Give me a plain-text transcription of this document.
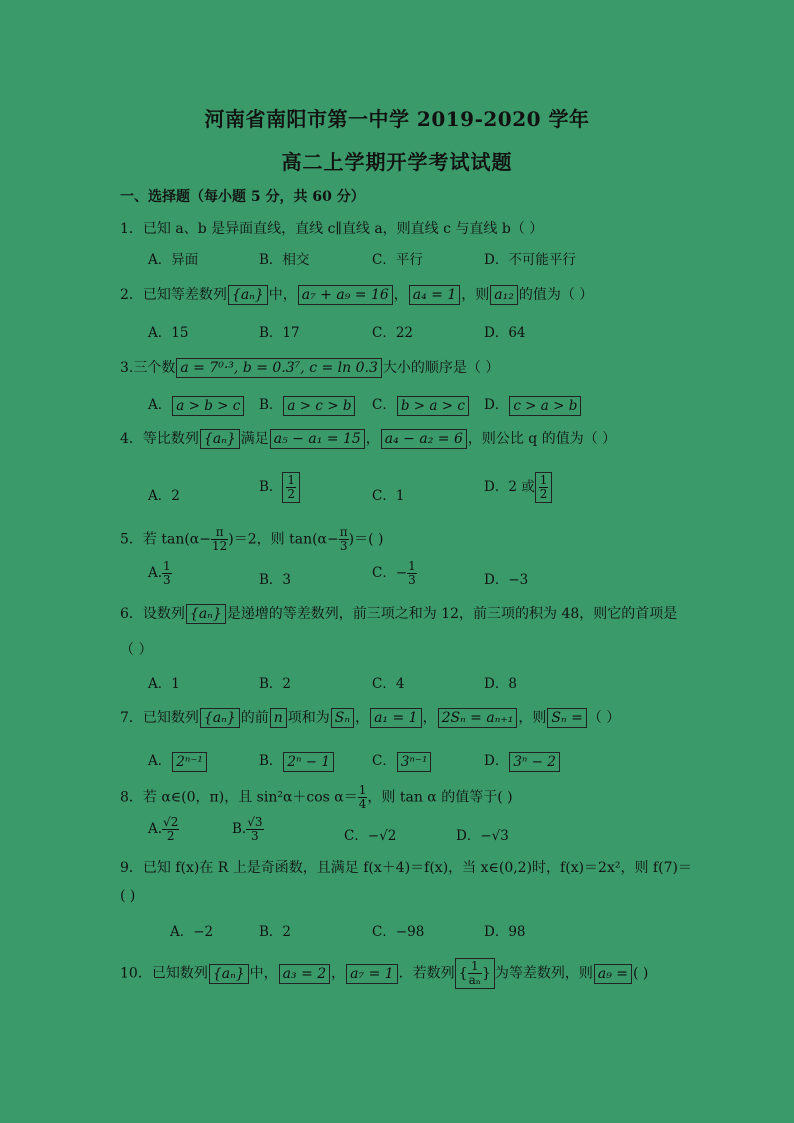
河南省南阳市第一中学 2019-2020 学年
高二上学期开学考试试题
一、选择题（每小题 5 分，共 60 分）
1．已知 a、b 是异面直线，直线 c∥直线 a，则直线 c 与直线 b（ ）
A．异面	B．相交	C．平行	D．不可能平行
2．已知等差数列 {aₙ} 中， a₇ + a₉ = 16 ， a₄ = 1 ，则 a₁₂ 的值为（ ）
A．15	B．17	C．22	D．64
3.三个数 a = 7⁰·³, b = 0.3⁷, c = ln 0.3 大小的顺序是（ ）
A． a > b > c	B． a > c > b	C． b > a > c	D． c > a > b
4．等比数列 {aₙ} 满足 a₅ − a₁ = 15 ， a₄ − a₂ = 6 ，则公比 q 的值为（ ）
A．2
B． $\frac{1}{2}$	C．1
D．2 或 $\frac{1}{2}$
5．若 $\tan(\alpha- \frac{\pi}{12} )=2$，则 $\tan(\alpha- \frac{\pi}{3}$ )＝( )
A. $\frac{1}{3}$	B．3	C．− $\frac{1}{3}$	D．−3
6．设数列 {aₙ} 是递增的等差数列，前三项之和为 12，前三项的积为 48，则它的首项是
（ ）
A．1	B．2	C．4	D．8
7．已知数列 {aₙ} 的前 n 项和为 Sₙ ， a₁ = 1 ， 2Sₙ = aₙ₊₁ ，则 Sₙ = （ ）
A． 2ⁿ⁻¹	B． 2ⁿ − 1	C． 3ⁿ⁻¹	D． 3ⁿ − 2
8．若 α∈(0，π)，且 sin²α＋cos $\alpha= \frac{1}{4}$ ，则 tan α 的值等于( )
A. $\frac{√2}{2}$	B. $\frac{√3}{3}$	C．−√2	D．−√3
9．已知 f(x)在 R 上是奇函数，且满足 f(x＋4)＝f(x)，当 x∈(0,2)时，f(x)＝2x²，则 f(7)＝
( )
A．−2	B．2	C．−98	D．98
10．已知数列 {aₙ} 中， a₃ = 2 ， a₇ = 1 ．若数列 { $\frac{1}{\text{aₙ}}$ } 为等差数列，则 a₉ = ( )
